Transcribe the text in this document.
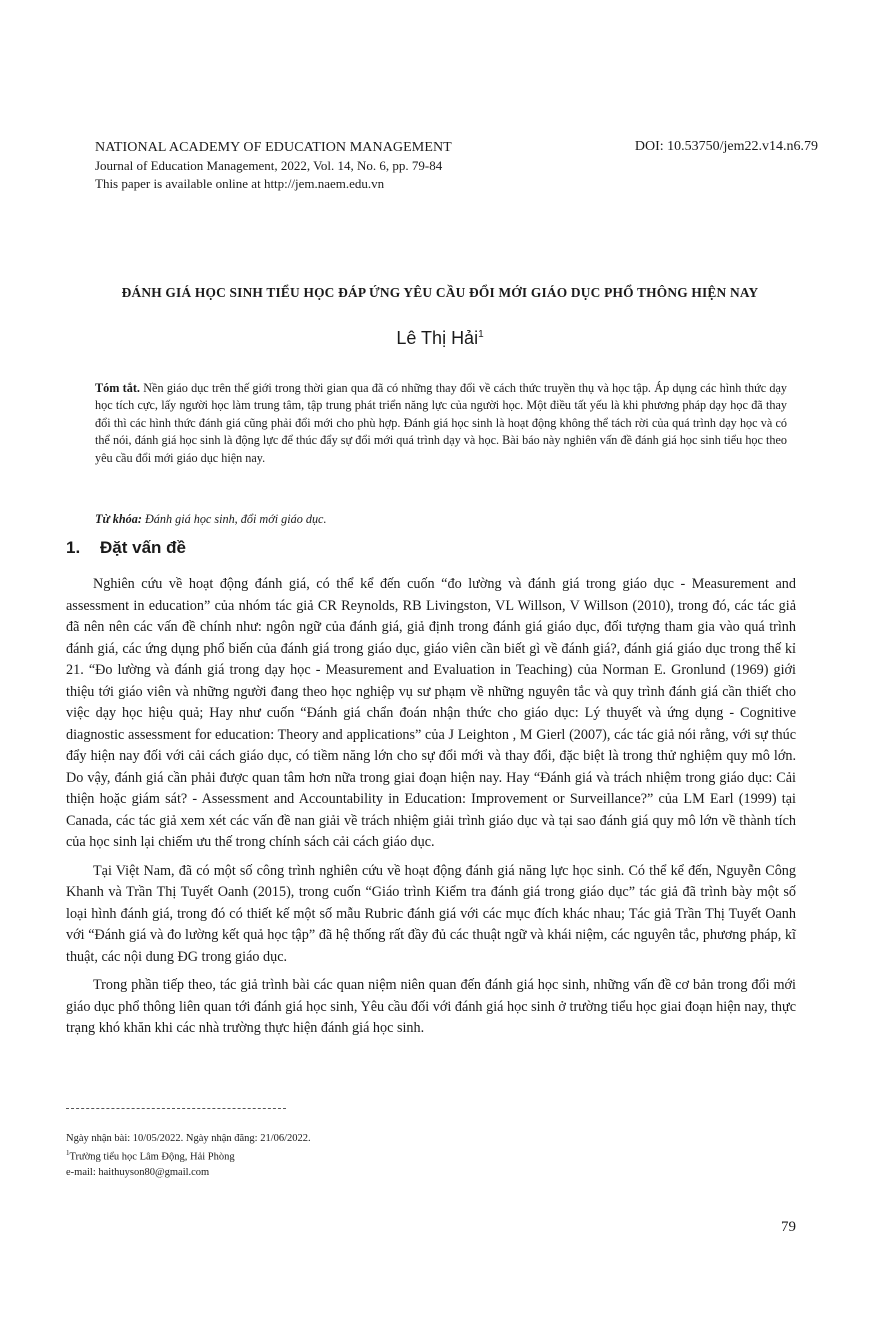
NATIONAL ACADEMY OF EDUCATION MANAGEMENT
Journal of Education Management, 2022, Vol. 14, No. 6, pp. 79-84
This paper is available online at http://jem.naem.edu.vn
DOI: 10.53750/jem22.v14.n6.79
ĐÁNH GIÁ HỌC SINH TIỂU HỌC ĐÁP ỨNG YÊU CẦU ĐỔI MỚI GIÁO DỤC PHỔ THÔNG HIỆN NAY
Lê Thị Hải$^1$
Tóm tắt. Nền giáo dục trên thế giới trong thời gian qua đã có những thay đổi về cách thức truyền thụ và học tập. Áp dụng các hình thức dạy học tích cực, lấy người học làm trung tâm, tập trung phát triển năng lực của người học. Một điều tất yếu là khi phương pháp dạy học đã thay đổi thì các hình thức đánh giá cũng phải đổi mới cho phù hợp. Đánh giá học sinh là hoạt động không thể tách rời của quá trình dạy học và có thể nói, đánh giá học sinh là động lực để thúc đẩy sự đổi mới quá trình dạy và học. Bài báo này nghiên vấn đề đánh giá học sinh tiểu học theo yêu cầu đổi mới giáo dục hiện nay.
Từ khóa: Đánh giá học sinh, đổi mới giáo dục.
1. Đặt vấn đề

Nghiên cứu về hoạt động đánh giá, có thể kể đến cuốn “đo lường và đánh giá trong giáo dục - Measurement and assessment in education” của nhóm tác giả CR Reynolds, RB Livingston, VL Willson, V Willson (2010), trong đó, các tác giả đã nên nên các vấn đề chính như: ngôn ngữ của đánh giá, giả định trong đánh giá giáo dục, đối tượng tham gia vào quá trình đánh giá, các ứng dụng phổ biến của đánh giá trong giáo dục, giáo viên cần biết gì về đánh giá?, đánh giá giáo dục trong thế kỉ 21. “Đo lường và đánh giá trong dạy học - Measurement and Evaluation in Teaching) của Norman E. Gronlund (1969) giới thiệu tới giáo viên và những người đang theo học nghiệp vụ sư phạm về những nguyên tắc và quy trình đánh giá cần thiết cho việc dạy học hiệu quả; Hay như cuốn “Đánh giá chẩn đoán nhận thức cho giáo dục: Lý thuyết và ứng dụng - Cognitive diagnostic assessment for education: Theory and applications” của J Leighton , M Gierl (2007), các tác giả nói rằng, với sự thúc đẩy hiện nay đối với cải cách giáo dục, có tiềm năng lớn cho sự đổi mới và thay đổi, đặc biệt là trong thử nghiệm quy mô lớn. Do vậy, đánh giá cần phải được quan tâm hơn nữa trong giai đoạn hiện nay. Hay “Đánh giá và trách nhiệm trong giáo dục: Cải thiện hoặc giám sát? - Assessment and Accountability in Education: Improvement or Surveillance?” của LM Earl (1999) tại Canada, các tác giả xem xét các vấn đề nan giải về trách nhiệm giải trình giáo dục và tại sao đánh giá quy mô lớn về thành tích của học sinh lại chiếm ưu thế trong chính sách cải cách giáo dục.

Tại Việt Nam, đã có một số công trình nghiên cứu về hoạt động đánh giá năng lực học sinh. Có thể kể đến, Nguyễn Công Khanh và Trần Thị Tuyết Oanh (2015), trong cuốn “Giáo trình Kiểm tra đánh giá trong giáo dục” tác giả đã trình bày một số loại hình đánh giá, trong đó có thiết kế một số mẫu Rubric đánh giá với các mục đích khác nhau; Tác giả Trần Thị Tuyết Oanh với “Đánh giá và đo lường kết quả học tập” đã hệ thống rất đầy đủ các thuật ngữ và khái niệm, các nguyên tắc, phương pháp, kĩ thuật, các nội dung ĐG trong giáo dục.

Trong phần tiếp theo, tác giả trình bài các quan niệm niên quan đến đánh giá học sinh, những vấn đề cơ bản trong đổi mới giáo dục phổ thông liên quan tới đánh giá học sinh, Yêu cầu đối với đánh giá học sinh ở trường tiểu học giai đoạn hiện nay, thực trạng khó khăn khi các nhà trường thực hiện đánh giá học sinh.

Ngày nhận bài: 10/05/2022. Ngày nhận đăng: 21/06/2022.
$^1$Trường tiểu học Lâm Động, Hải Phòng
e-mail: haithuyson80@gmail.com
79
